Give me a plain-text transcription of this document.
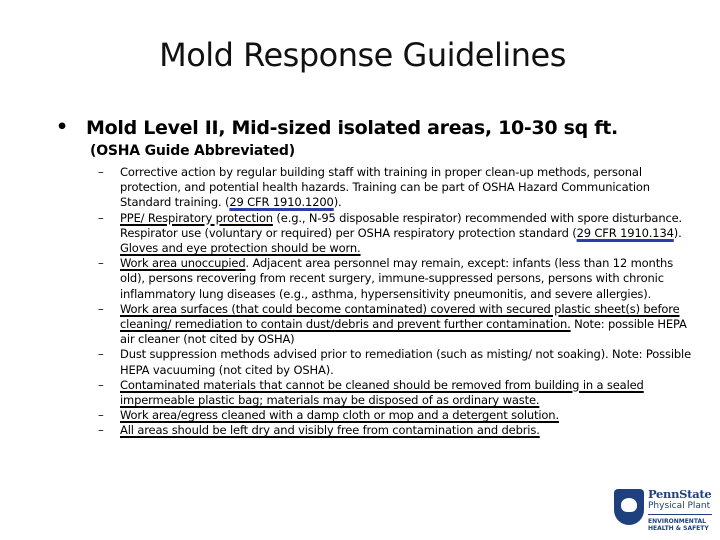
Mold Response Guidelines
• Mold Level II, Mid-sized isolated areas, 10-30 sq ft.
(OSHA Guide Abbreviated)
– Corrective action by regular building staff with training in proper clean-up methods, personal protection, and potential health hazards. Training can be part of OSHA Hazard Communication Standard training. (29 CFR 1910.1200).
– PPE/ Respiratory protection (e.g., N-95 disposable respirator) recommended with spore disturbance. Respirator use (voluntary or required) per OSHA respiratory protection standard (29 CFR 1910.134). Gloves and eye protection should be worn.
– Work area unoccupied. Adjacent area personnel may remain, except: infants (less than 12 months old), persons recovering from recent surgery, immune-suppressed persons, persons with chronic inflammatory lung diseases (e.g., asthma, hypersensitivity pneumonitis, and severe allergies).
– Work area surfaces (that could become contaminated) covered with secured plastic sheet(s) before cleaning/ remediation to contain dust/debris and prevent further contamination. Note: possible HEPA air cleaner (not cited by OSHA)
– Dust suppression methods advised prior to remediation (such as misting/ not soaking). Note: Possible HEPA vacuuming (not cited by OSHA).
– Contaminated materials that cannot be cleaned should be removed from building in a sealed impermeable plastic bag; materials may be disposed of as ordinary waste.
– Work area/egress cleaned with a damp cloth or mop and a detergent solution.
– All areas should be left dry and visibly free from contamination and debris.
PennState
Physical Plant
ENVIRONMENTAL
HEALTH & SAFETY
